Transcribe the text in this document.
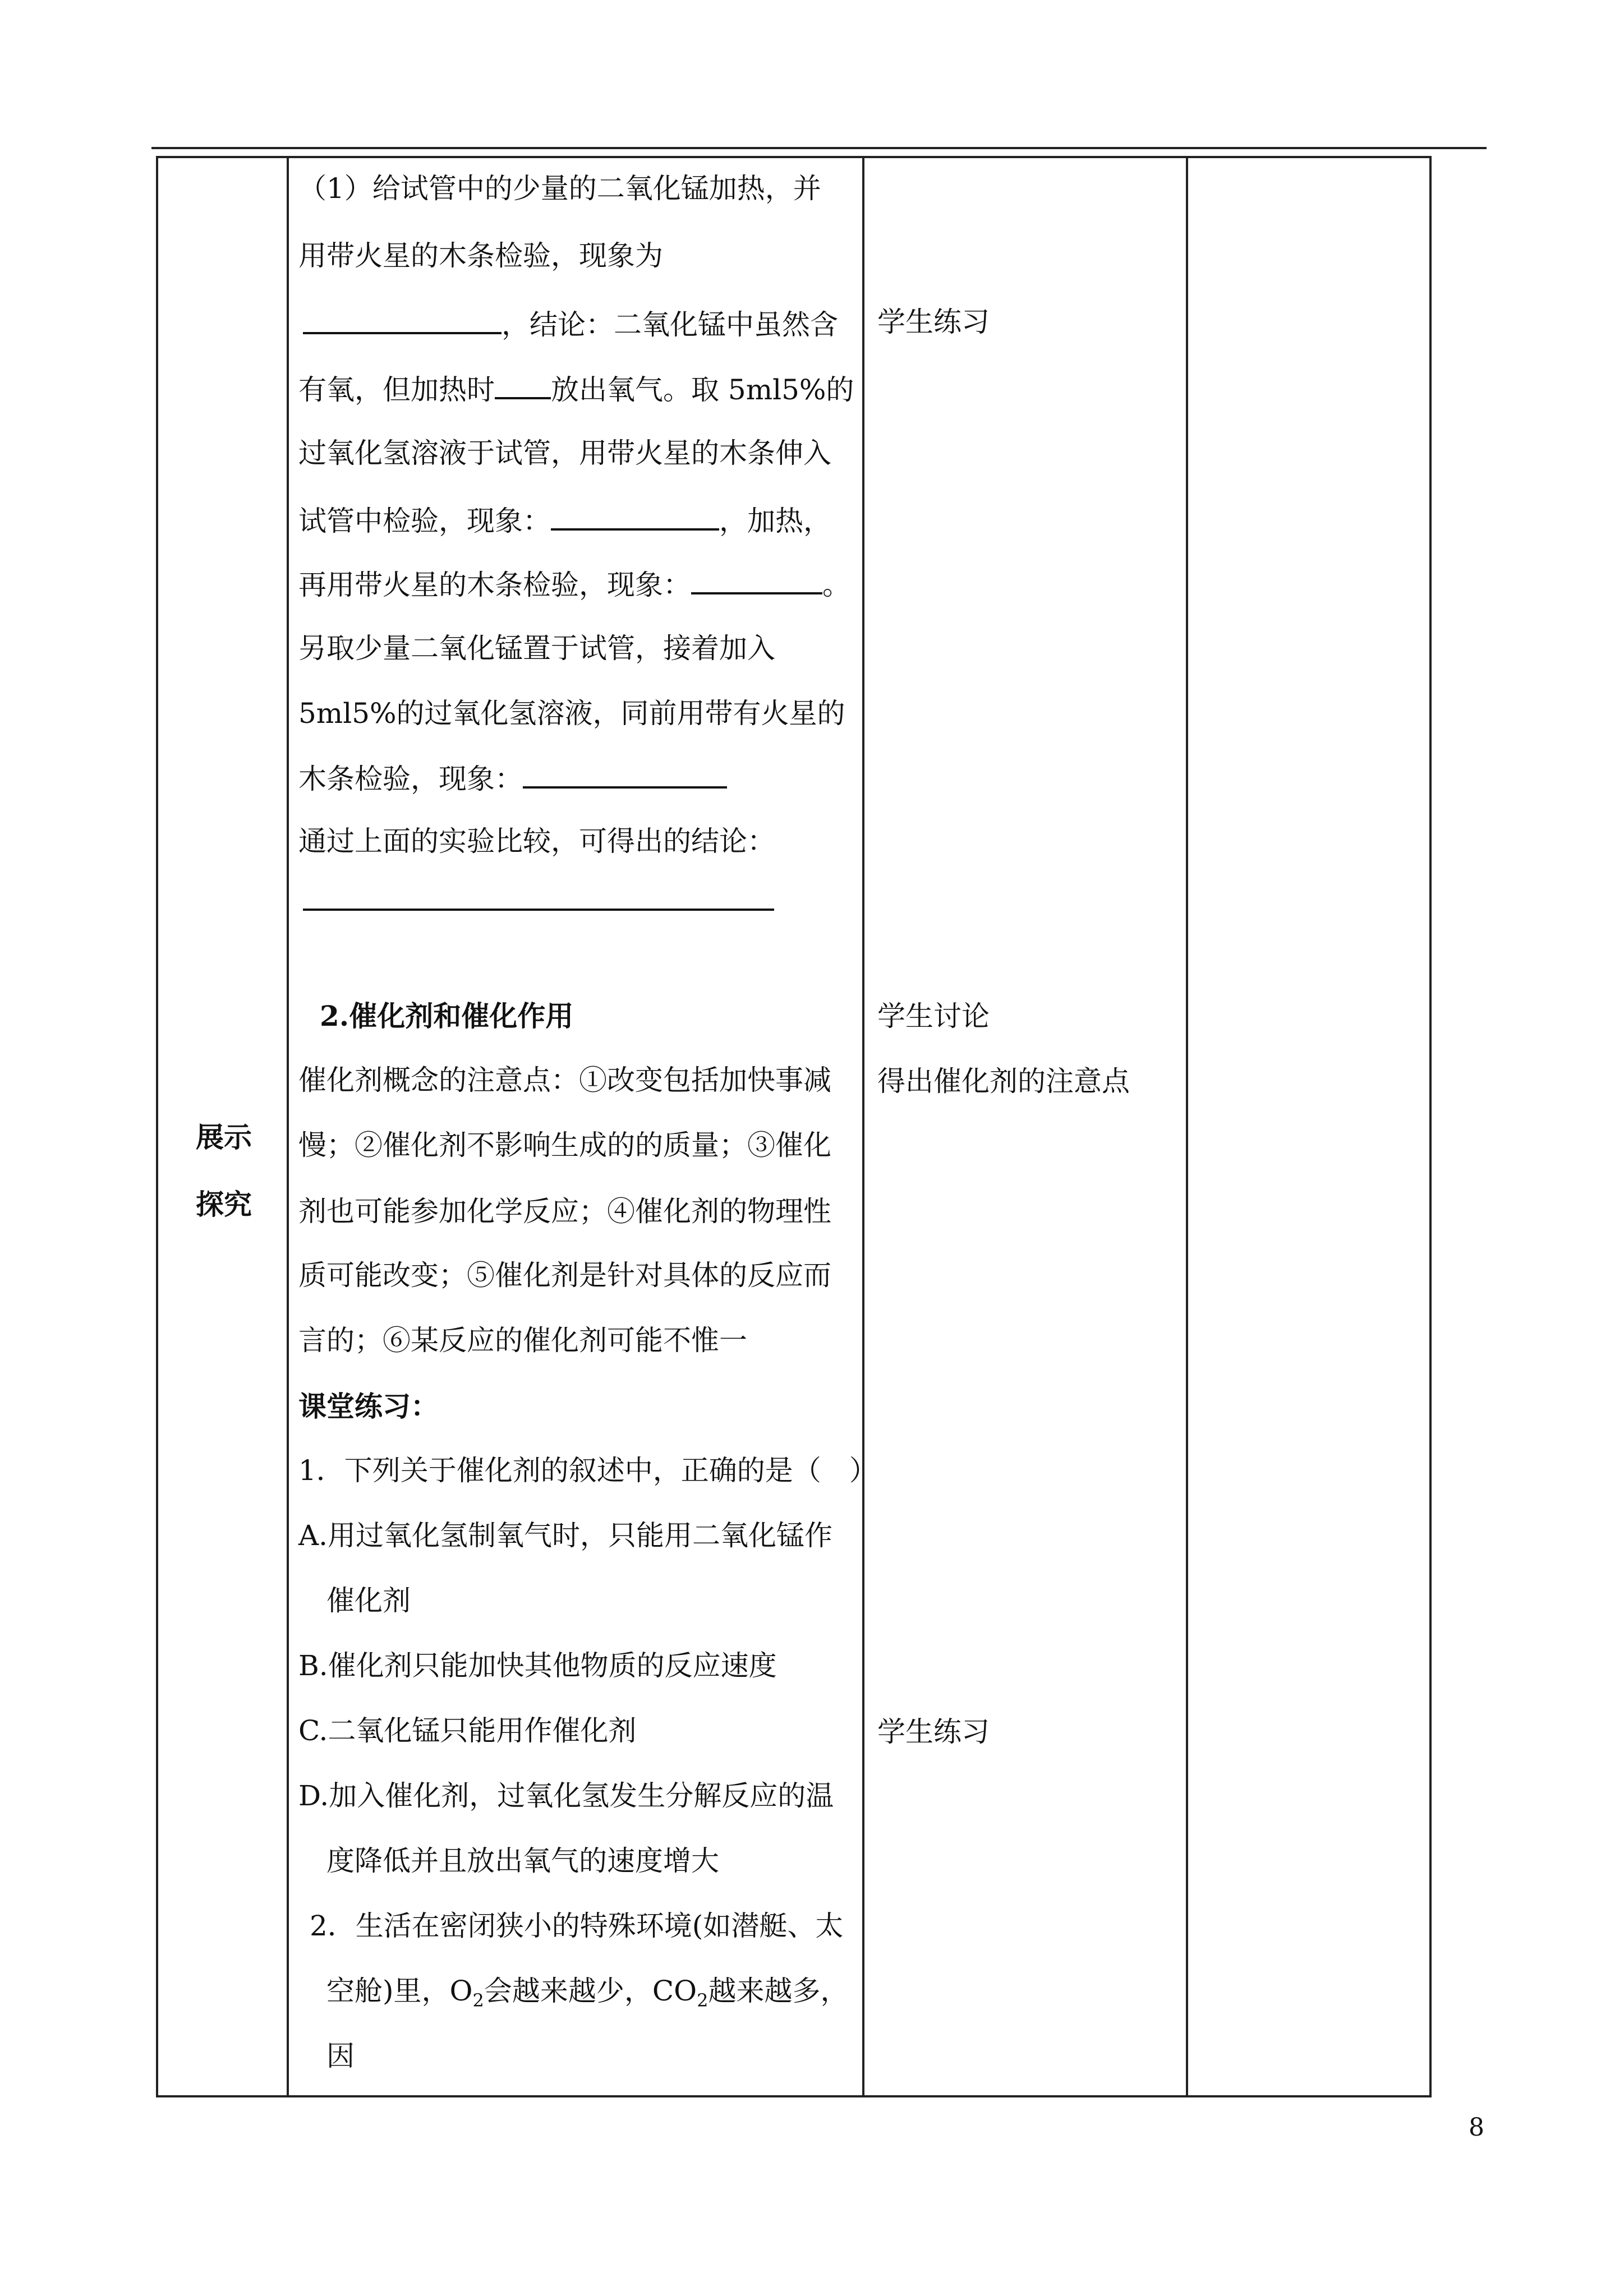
展示
探究
（1）给试管中的少量的二氧化锰加热，并
用带火星的木条检验，现象为
，结论：二氧化锰中虽然含
有氧，但加热时 放出氧气。取 5ml5%的
过氧化氢溶液于试管，用带火星的木条伸入
试管中检验，现象：	，加热，
再用带火星的木条检验，现象：	。
另取少量二氧化锰置于试管，接着加入
5ml5%的过氧化氢溶液，同前用带有火星的
木条检验，现象：
通过上面的实验比较，可得出的结论：
2.催化剂和催化作用
催化剂概念的注意点：①改变包括加快事减
慢；②催化剂不影响生成的的质量；③催化
剂也可能参加化学反应；④催化剂的物理性
质可能改变；⑤催化剂是针对具体的反应而
言的；⑥某反应的催化剂可能不惟一
课堂练习：
1．下列关于催化剂的叙述中，正确的是（　）
A.用过氧化氢制氧气时，只能用二氧化锰作
催化剂
B.催化剂只能加快其他物质的反应速度
C.二氧化锰只能用作催化剂
D.加入催化剂，过氧化氢发生分解反应的温
度降低并且放出氧气的速度增大
2．生活在密闭狭小的特殊环境(如潜艇、太
空舱)里，$O_2$会越来越少，$CO_2$越来越多，
因
学生练习
学生讨论
得出催化剂的注意点
学生练习
8
